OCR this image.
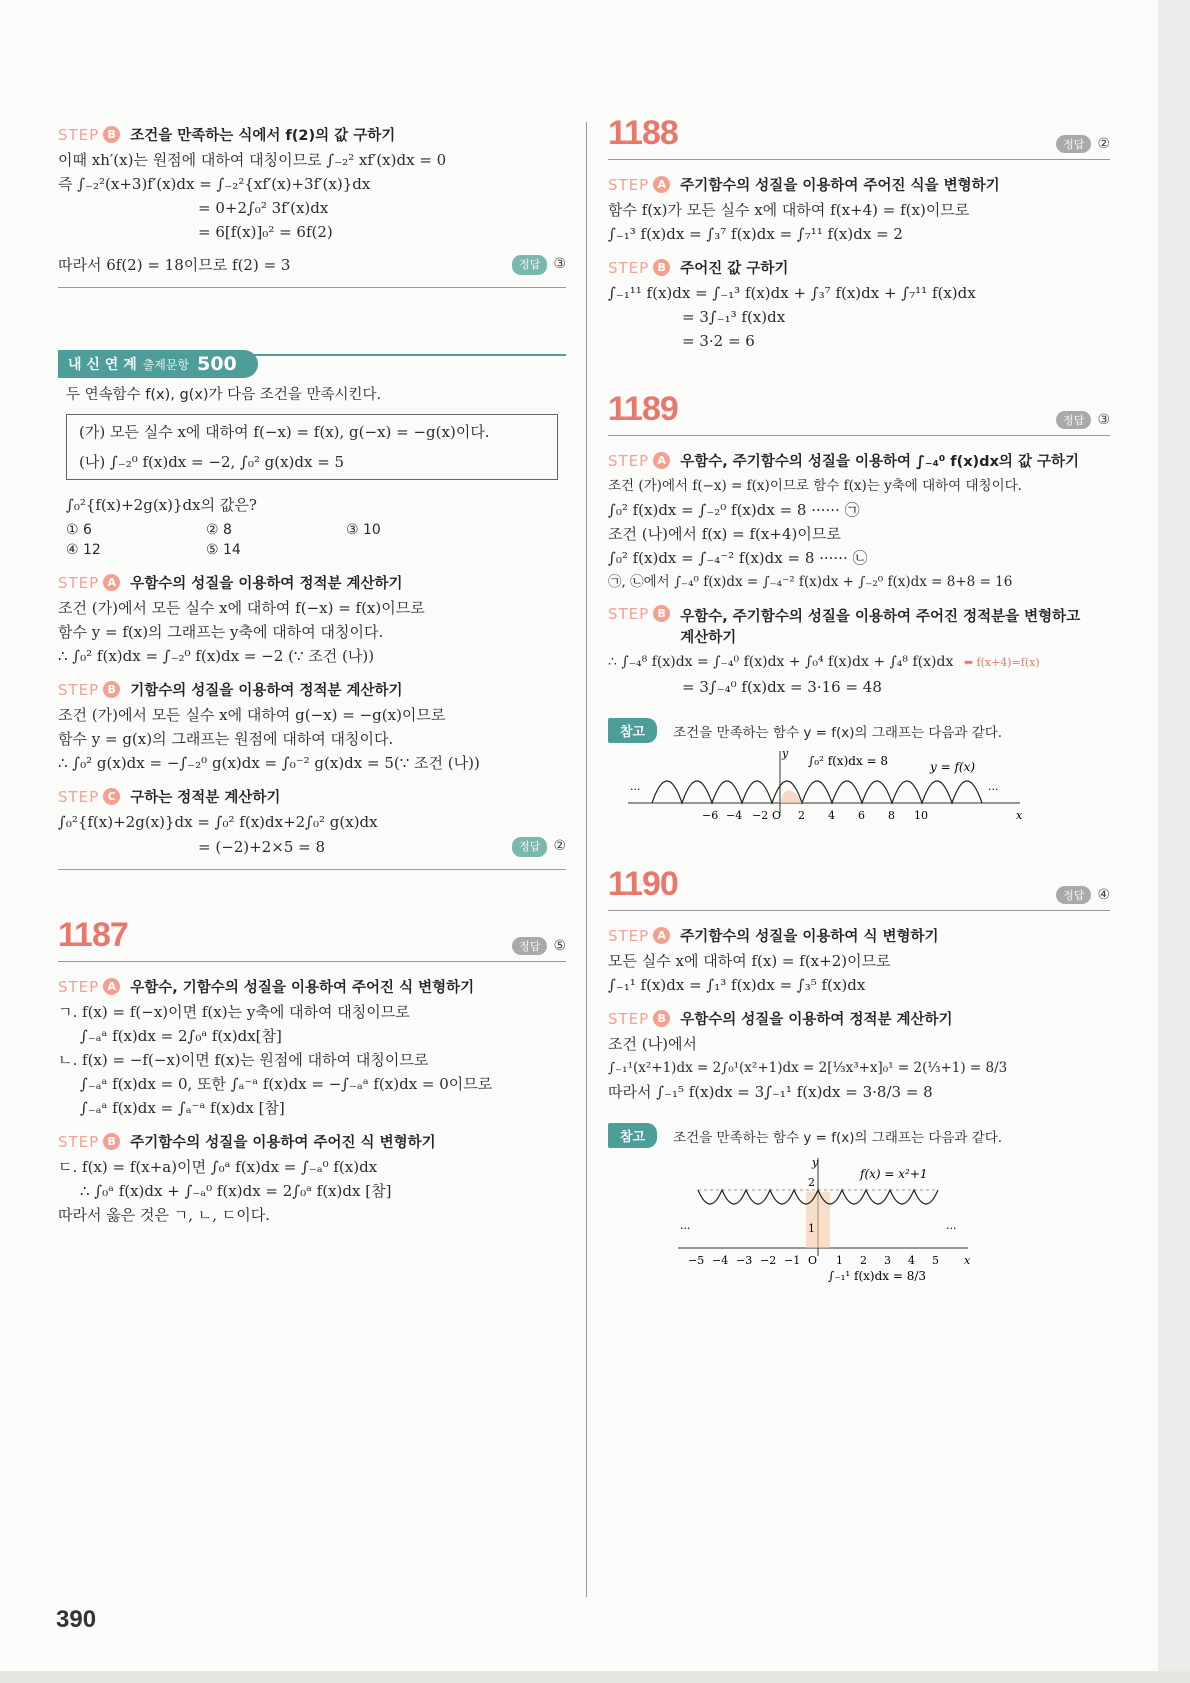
STEP B 조건을 만족하는 식에서 f(2)의 값 구하기
이때 xh′(x)는 원점에 대하여 대칭이므로 ∫₋₂² xf′(x)dx = 0
즉 ∫₋₂²(x+3)f′(x)dx = ∫₋₂²{xf′(x)+3f′(x)}dx
= 0+2∫₀² 3f′(x)dx
= 6[f(x)]₀² = 6f(2)
따라서 6f(2) = 18이므로 f(2) = 3	정답 ③
내 신 연 계 출제문항 500
두 연속함수 f(x), g(x)가 다음 조건을 만족시킨다.
(가) 모든 실수 x에 대하여 f(−x) = f(x), g(−x) = −g(x)이다.
(나) ∫₋₂⁰ f(x)dx = −2, ∫₀² g(x)dx = 5
∫₀²{f(x)+2g(x)}dx의 값은?
① 6	② 8	③ 10
④ 12	⑤ 14
STEP A 우함수의 성질을 이용하여 정적분 계산하기
조건 (가)에서 모든 실수 x에 대하여 f(−x) = f(x)이므로
함수 y = f(x)의 그래프는 y축에 대하여 대칭이다.
∴ ∫₀² f(x)dx = ∫₋₂⁰ f(x)dx = −2 (∵ 조건 (나))
STEP B 기함수의 성질을 이용하여 정적분 계산하기
조건 (가)에서 모든 실수 x에 대하여 g(−x) = −g(x)이므로
함수 y = g(x)의 그래프는 원점에 대하여 대칭이다.
∴ ∫₀² g(x)dx = −∫₋₂⁰ g(x)dx = ∫₀⁻² g(x)dx = 5(∵ 조건 (나))
STEP C 구하는 정적분 계산하기
∫₀²{f(x)+2g(x)}dx = ∫₀² f(x)dx+2∫₀² g(x)dx
= (−2)+2×5 = 8	정답 ②
1187	정답 ⑤
STEP A 우함수, 기함수의 성질을 이용하여 주어진 식 변형하기
ㄱ. f(x) = f(−x)이면 f(x)는 y축에 대하여 대칭이므로
∫₋ₐᵃ f(x)dx = 2∫₀ᵃ f(x)dx[참]
ㄴ. f(x) = −f(−x)이면 f(x)는 원점에 대하여 대칭이므로
∫₋ₐᵃ f(x)dx = 0, 또한 ∫ₐ⁻ᵃ f(x)dx = −∫₋ₐᵃ f(x)dx = 0이므로
∫₋ₐᵃ f(x)dx = ∫ₐ⁻ᵃ f(x)dx [참]
STEP B 주기함수의 성질을 이용하여 주어진 식 변형하기
ㄷ. f(x) = f(x+a)이면 ∫₀ᵃ f(x)dx = ∫₋ₐ⁰ f(x)dx
∴ ∫₀ᵃ f(x)dx + ∫₋ₐ⁰ f(x)dx = 2∫₀ᵃ f(x)dx [참]
따라서 옳은 것은 ㄱ, ㄴ, ㄷ이다.
1188	정답 ②
STEP A 주기함수의 성질을 이용하여 주어진 식을 변형하기
함수 f(x)가 모든 실수 x에 대하여 f(x+4) = f(x)이므로
∫₋₁³ f(x)dx = ∫₃⁷ f(x)dx = ∫₇¹¹ f(x)dx = 2
STEP B 주어진 값 구하기
∫₋₁¹¹ f(x)dx = ∫₋₁³ f(x)dx + ∫₃⁷ f(x)dx + ∫₇¹¹ f(x)dx
= 3∫₋₁³ f(x)dx
= 3·2 = 6
1189	정답 ③
STEP A 우함수, 주기함수의 성질을 이용하여 ∫₋₄⁰ f(x)dx의 값 구하기
조건 (가)에서 f(−x) = f(x)이므로 함수 f(x)는 y축에 대하여 대칭이다.
∫₀² f(x)dx = ∫₋₂⁰ f(x)dx = 8 ······ ㉠
조건 (나)에서 f(x) = f(x+4)이므로
∫₀² f(x)dx = ∫₋₄⁻² f(x)dx = 8 ······ ㉡
㉠, ㉡에서 ∫₋₄⁰ f(x)dx = ∫₋₄⁻² f(x)dx + ∫₋₂⁰ f(x)dx = 8+8 = 16
STEP B 우함수, 주기함수의 성질을 이용하여 주어진 정적분을 변형하고
계산하기
∴ ∫₋₄⁸ f(x)dx = ∫₋₄⁰ f(x)dx + ∫₀⁴ f(x)dx + ∫₄⁸ f(x)dx ⬅ f(x+4)=f(x)
= 3∫₋₄⁰ f(x)dx = 3·16 = 48
참고	조건을 만족하는 함수 y = f(x)의 그래프는 다음과 같다.
y
x
∫₀² f(x)dx = 8	y = f(x)
···	···
−6 −4 −2 O 2 4 6 8 10
1190	정답 ④
STEP A 주기함수의 성질을 이용하여 식 변형하기
모든 실수 x에 대하여 f(x) = f(x+2)이므로
∫₋₁¹ f(x)dx = ∫₁³ f(x)dx = ∫₃⁵ f(x)dx
STEP B 우함수의 성질을 이용하여 정적분 계산하기
조건 (나)에서
∫₋₁¹(x²+1)dx = 2∫₀¹(x²+1)dx = 2[⅓x³+x]₀¹ = 2(⅓+1) = 8/3
따라서 ∫₋₁⁵ f(x)dx = 3∫₋₁¹ f(x)dx = 3·8/3 = 8
참고	조건을 만족하는 함수 y = f(x)의 그래프는 다음과 같다.
y
x
2
1
f(x) = x²+1
···	···
−5 −4 −3 −2 −1 O 1 2 3 4 5
∫₋₁¹ f(x)dx = 8/3
390
